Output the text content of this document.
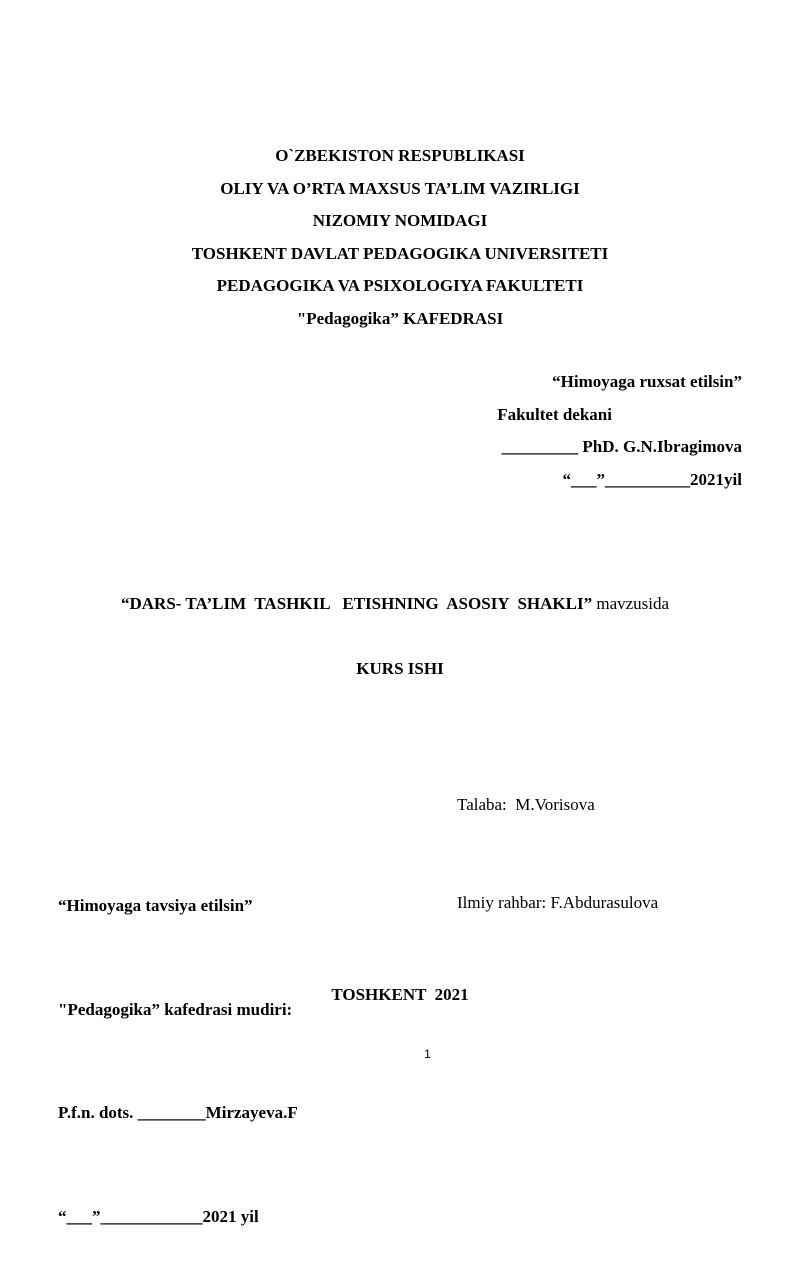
O`ZBEKISTON RESPUBLIKASI
OLIY VA O’RTA MAXSUS TA’LIM VAZIRLIGI
NIZOMIY NOMIDAGI
TOSHKENT DAVLAT PEDAGOGIKA UNIVERSITETI
PEDAGOGIKA VA PSIXOLOGIYA FAKULTETI
"Pedagogika” KAFEDRASI
“Himoyaga ruxsat etilsin”
Fakultet dekani
_________ PhD. G.N.Ibragimova
“___”__________2021yil
“DARS- TA’LIM  TASHKIL   ETISHNING  ASOSIY  SHAKLI” mavzusida
KURS ISHI

Talaba:  M.Vorisova

Ilmiy rahbar: F.Abdurasulova

“Himoyaga tavsiya etilsin”

"Pedagogika” kafedrasi mudiri:

P.f.n. dots. ________Mirzayeva.F

“___”____________2021 yil

TOSHKENT  2021
1
